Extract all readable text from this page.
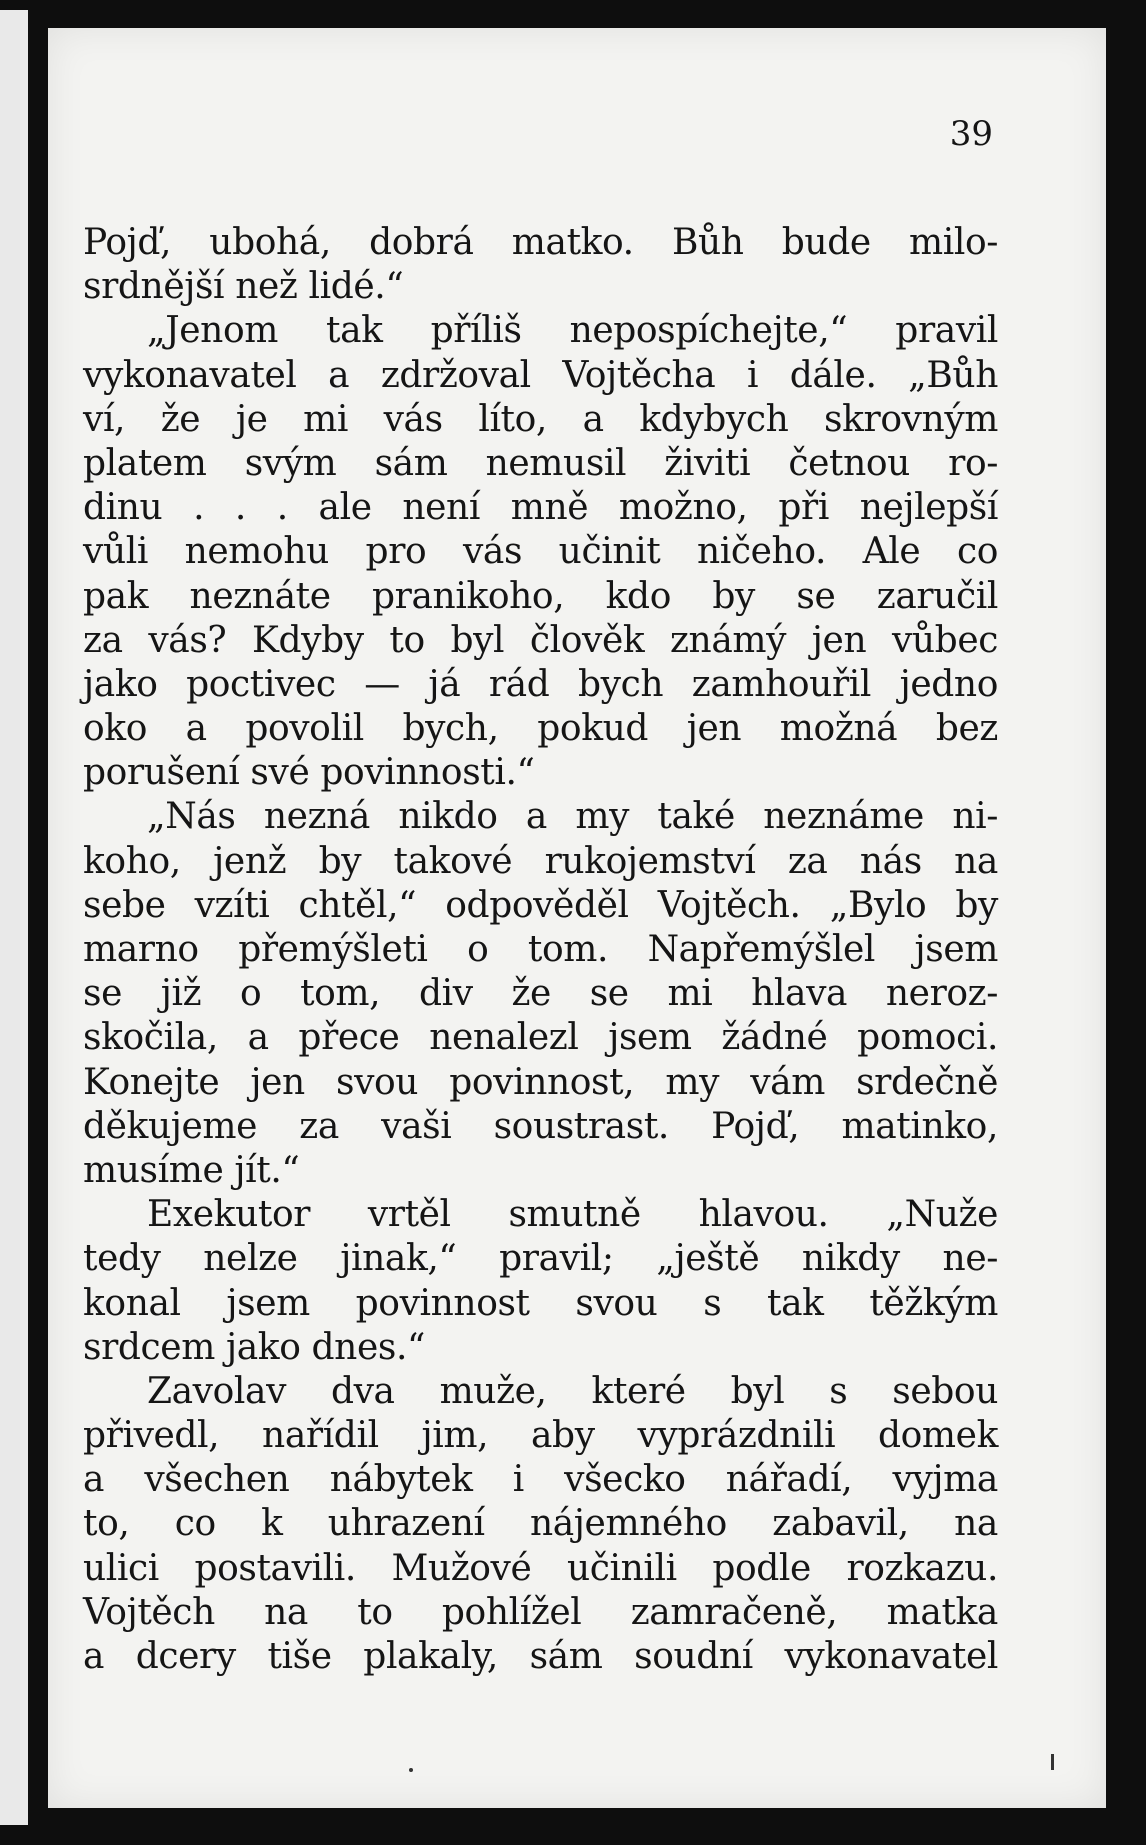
39
Pojď, ubohá, dobrá matko. Bůh bude milo-
srdnější než lidé.“
„Jenom tak příliš nepospíchejte,“ pravil
vykonavatel a zdržoval Vojtěcha i dále. „Bůh
ví, že je mi vás líto, a kdybych skrovným
platem svým sám nemusil živiti četnou ro-
dinu . . . ale není mně možno, při nejlepší
vůli nemohu pro vás učinit ničeho. Ale co
pak neznáte pranikoho, kdo by se zaručil
za vás? Kdyby to byl člověk známý jen vůbec
jako poctivec — já rád bych zamhouřil jedno
oko a povolil bych, pokud jen možná bez
porušení své povinnosti.“
„Nás nezná nikdo a my také neznáme ni-
koho, jenž by takové rukojemství za nás na
sebe vzíti chtěl,“ odpověděl Vojtěch. „Bylo by
marno přemýšleti o tom. Napřemýšlel jsem
se již o tom, div že se mi hlava neroz-
skočila, a přece nenalezl jsem žádné pomoci.
Konejte jen svou povinnost, my vám srdečně
děkujeme za vaši soustrast. Pojď, matinko,
musíme jít.“
Exekutor vrtěl smutně hlavou. „Nuže
tedy nelze jinak,“ pravil; „ještě nikdy ne-
konal jsem povinnost svou s tak těžkým
srdcem jako dnes.“
Zavolav dva muže, které byl s sebou
přivedl, nařídil jim, aby vyprázdnili domek
a všechen nábytek i všecko nářadí, vyjma
to, co k uhrazení nájemného zabavil, na
ulici postavili. Mužové učinili podle rozkazu.
Vojtěch na to pohlížel zamračeně, matka
a dcery tiše plakaly, sám soudní vykonavatel
